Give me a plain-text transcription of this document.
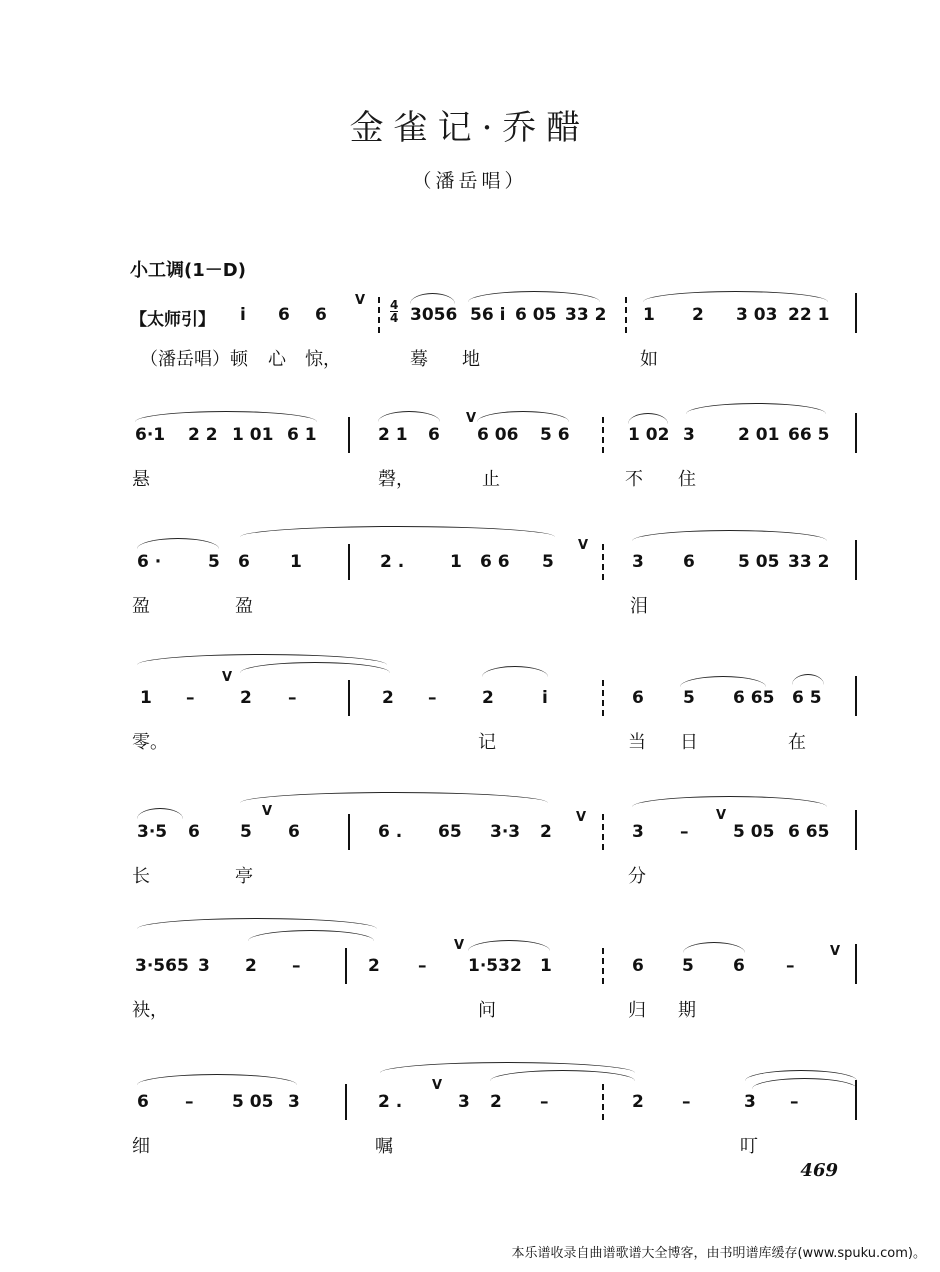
金雀记·乔醋
（潘岳唱）
小工调(1－D)
【太师引】 i 6 6	3056 56 i 6 05 33 2 1 2 3 03 22 1
（潘岳唱）顿 心 惊，	蓦 地	如
4
4
V
6·1 2 2 1 01 6 1	2 1 6 6 06 5 6	1 02 3	2 01 66 5
悬	磬，	止	不 住
V
6 ·	5 6 1	2 .	1 6 6 5	3 6	5 05 33 2
盈	盈	泪
V
1 –	2 –	2 –	2	i	6 5 6 65 6 5
零。	记	当 日	在
V
3·5 6 5 6	6 . 65 3·3 2	3 –	5 05 6 65
长	亭	分
V	V	V
3·565 3 2 –	2 – 1·532 1	6 5 6 –
袂，	问	归 期
V	V
6 – 5 05 3	2 .	3 2 –	2 –	3 –
细	嘱	叮
V
469
本乐谱收录自曲谱歌谱大全博客，由书明谱库缓存(www.spuku.com)。
